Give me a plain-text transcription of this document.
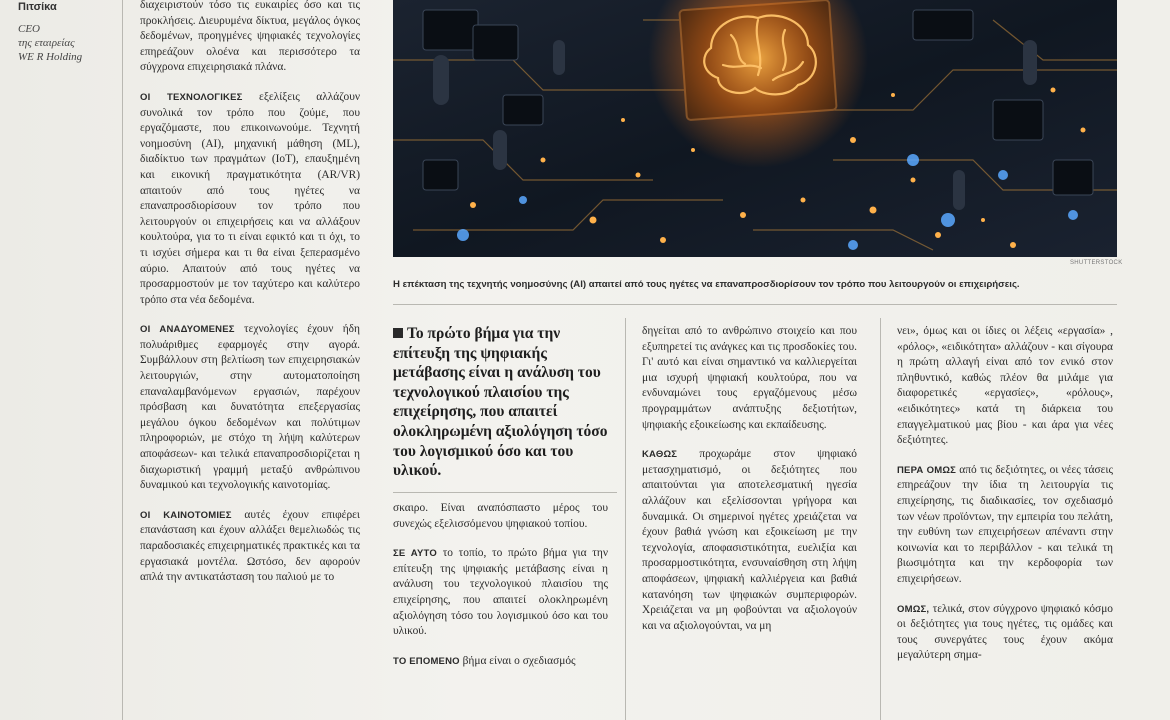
Πιτσίκα
CEO
της εταιρείας
WE R Holding

διαχειριστούν τόσο τις ευκαιρίες όσο και τις προκλήσεις. Διευρυμένα δίκτυα, μεγάλος όγκος δεδομένων, προηγμένες ψηφιακές τεχνολογίες επηρεάζουν ολοένα και περισσότερο τα σύγχρονα επιχειρησιακά πλάνα.

ΟΙ ΤΕΧΝΟΛΟΓΙΚΕΣ εξελίξεις αλλάζουν συνολικά τον τρόπο που ζούμε, που εργαζόμαστε, που επικοινωνούμε. Τεχνητή νοημοσύνη (AI), μηχανική μάθηση (ML), διαδίκτυο των πραγμάτων (IoT), επαυξημένη και εικονική πραγματικότητα (AR/VR) απαιτούν από τους ηγέτες να επαναπροσδιορίσουν τον τρόπο που λειτουργούν οι επιχειρήσεις και να αλλάξουν κουλτούρα, για το τι είναι εφικτό και τι όχι, το τι ισχύει σήμερα και τι θα είναι ξεπερασμένο αύριο. Απαιτούν από τους ηγέτες να προσαρμοστούν με τον ταχύτερο και καλύτερο τρόπο στα νέα δεδομένα.

ΟΙ ΑΝΑΔΥΟΜΕΝΕΣ τεχνολογίες έχουν ήδη πολυάριθμες εφαρμογές στην αγορά. Συμβάλλουν στη βελτίωση των επιχειρησιακών λειτουργιών, στην αυτοματοποίηση επαναλαμβανόμενων εργασιών, παρέχουν πρόσβαση και δυνατότητα επεξεργασίας μεγάλου όγκου δεδομένων και πολύτιμων πληροφοριών, με στόχο τη λήψη καλύτερων αποφάσεων- και τελικά επαναπροσδιορίζεται η διαχωριστική γραμμή μεταξύ ανθρώπινου δυναμικού και τεχνολογικής καινοτομίας.

ΟΙ ΚΑΙΝΟΤΟΜΙΕΣ αυτές έχουν επιφέρει επανάσταση και έχουν αλλάξει θεμελιωδώς τις παραδοσιακές επιχειρηματικές πρακτικές και τα εργασιακά μοντέλα. Ωστόσο, δεν αφορούν απλά την αντικατάσταση του παλιού με το

SHUTTERSTOCK
Η επέκταση της τεχνητής νοημοσύνης (AI) απαιτεί από τους ηγέτες να επαναπροσδιορίσουν τον τρόπο που λειτουργούν οι επιχειρήσεις.
Το πρώτο βήμα για την επίτευξη της ψηφιακής μετάβασης είναι η ανάλυση του τεχνολογικού πλαισίου της επιχείρησης, που απαιτεί ολοκληρωμένη αξιολόγηση τόσο του λογισμικού όσο και του υλικού.

σκαιρο. Είναι αναπόσπαστο μέρος του συνεχώς εξελισσόμενου ψηφιακού τοπίου.

ΣΕ ΑΥΤΟ το τοπίο, το πρώτο βήμα για την επίτευξη της ψηφιακής μετάβασης είναι η ανάλυση του τεχνολογικού πλαισίου της επιχείρησης, που απαιτεί ολοκληρωμένη αξιολόγηση τόσο του λογισμικού όσο και του υλικού.

ΤΟ ΕΠΟΜΕΝΟ βήμα είναι ο σχεδιασμός

δηγείται από το ανθρώπινο στοιχείο και που εξυπηρετεί τις ανάγκες και τις προσδοκίες του. Γι' αυτό και είναι σημαντικό να καλλιεργείται μια ισχυρή ψηφιακή κουλτούρα, που να ενδυναμώνει τους εργαζόμενους μέσω προγραμμάτων ανάπτυξης δεξιοτήτων, ψηφιακής εξοικείωσης και εκπαίδευσης.

ΚΑΘΩΣ προχωράμε στον ψηφιακό μετασχηματισμό, οι δεξιότητες που απαιτούνται για αποτελεσματική ηγεσία αλλάζουν και εξελίσσονται γρήγορα και δυναμικά. Οι σημερινοί ηγέτες χρειάζεται να έχουν βαθιά γνώση και εξοικείωση με την τεχνολογία, αποφασιστικότητα, ευελιξία και προσαρμοστικότητα, ενσυναίσθηση στη λήψη αποφάσεων, ψηφιακή καλλιέργεια και βαθιά κατανόηση των ψηφιακών συμπεριφορών. Χρειάζεται να μη φοβούνται να αξιολογούν και να αξιολογούνται, να μη

νει», όμως και οι ίδιες οι λέξεις «εργασία» , «ρόλος», «ειδικότητα» αλλάζουν - και σίγουρα η πρώτη αλλαγή είναι από τον ενικό στον πληθυντικό, καθώς πλέον θα μιλάμε για διαφορετικές «εργασίες», «ρόλους», «ειδικότητες» κατά τη διάρκεια του επαγγελματικού μας βίου - και άρα για νέες δεξιότητες.

ΠΕΡΑ ΟΜΩΣ από τις δεξιότητες, οι νέες τάσεις επηρεάζουν την ίδια τη λειτουργία τις επιχείρησης, τις διαδικασίες, τον σχεδιασμό των νέων προϊόντων, την εμπειρία του πελάτη, την ευθύνη των επιχειρήσεων απέναντι στην κοινωνία και το περιβάλλον - και τελικά τη βιωσιμότητα και την κερδοφορία των επιχειρήσεων.

ΟΜΩΣ, τελικά, στον σύγχρονο ψηφιακό κόσμο οι δεξιότητες για τους ηγέτες, τις ομάδες και τους συνεργάτες τους έχουν ακόμα μεγαλύτερη σημα-
